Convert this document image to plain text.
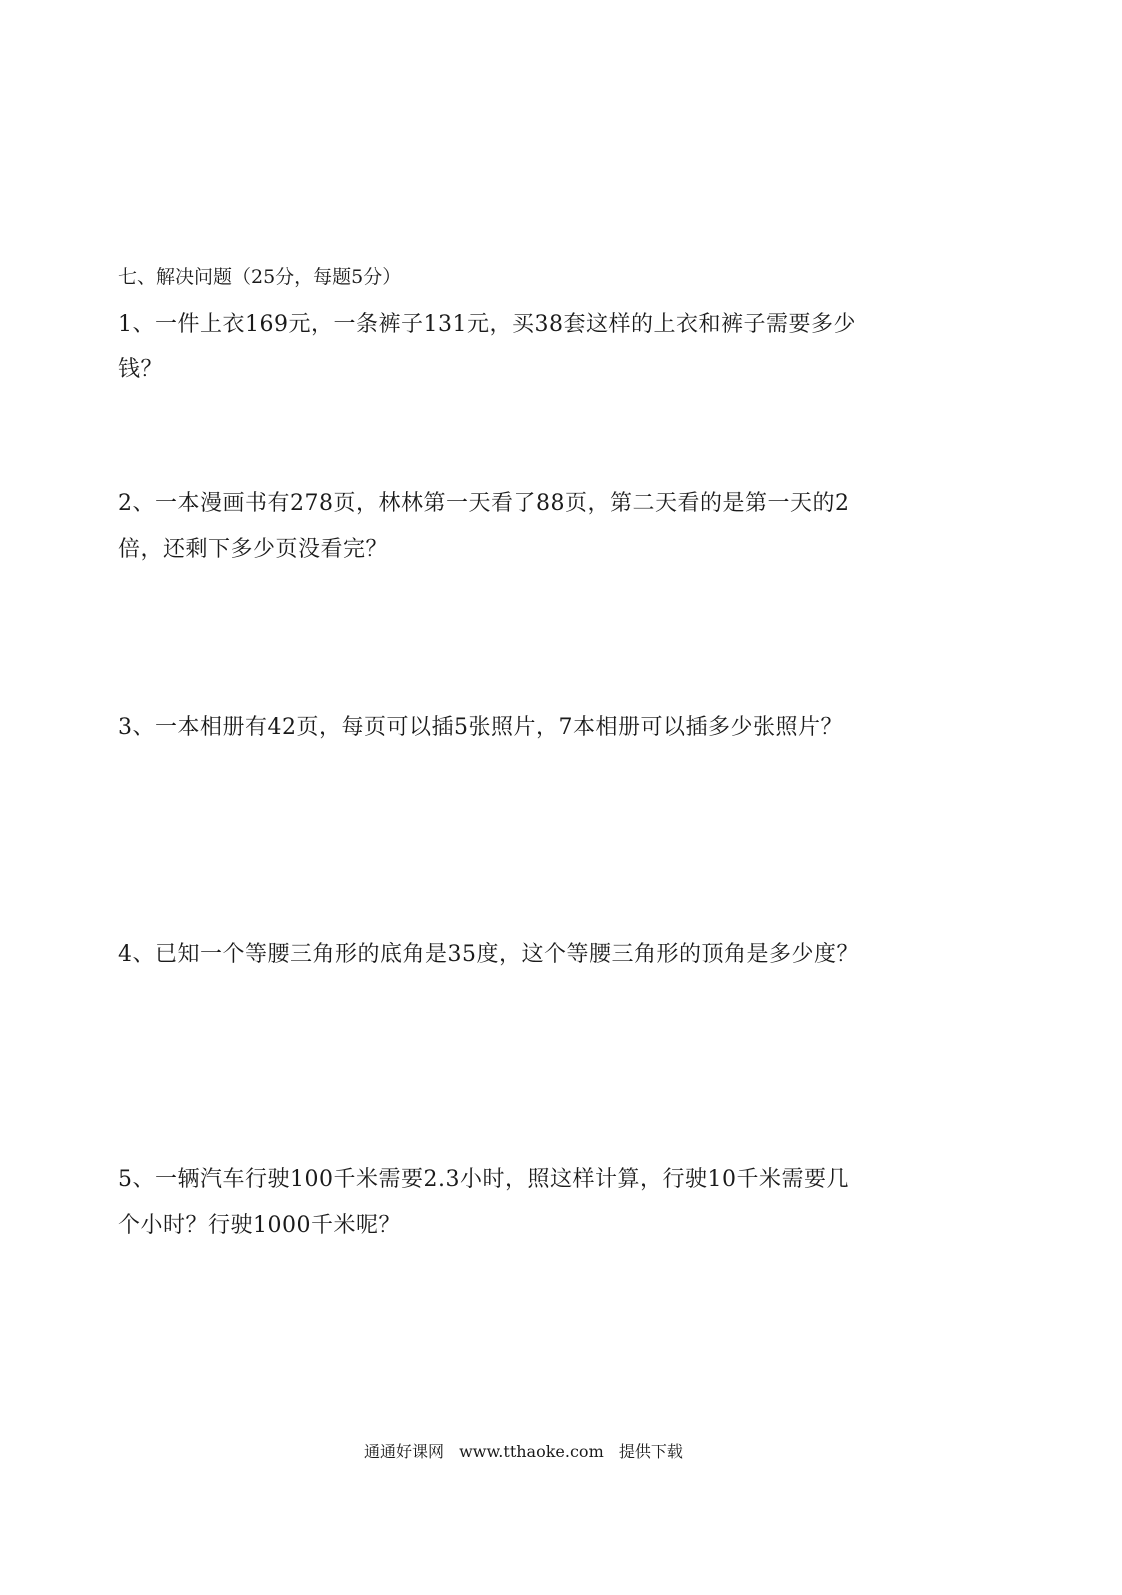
七、解决问题（25分，每题5分）
1、一件上衣169元，一条裤子131元，买38套这样的上衣和裤子需要多少
钱？
2、一本漫画书有278页，林林第一天看了88页，第二天看的是第一天的2
倍，还剩下多少页没看完？
3、一本相册有42页，每页可以插5张照片，7本相册可以插多少张照片？
4、已知一个等腰三角形的底角是35度，这个等腰三角形的顶角是多少度？
5、一辆汽车行驶100千米需要2.3小时，照这样计算，行驶10千米需要几
个小时？行驶1000千米呢？
通通好课网 www.tthaoke.com 提供下载
